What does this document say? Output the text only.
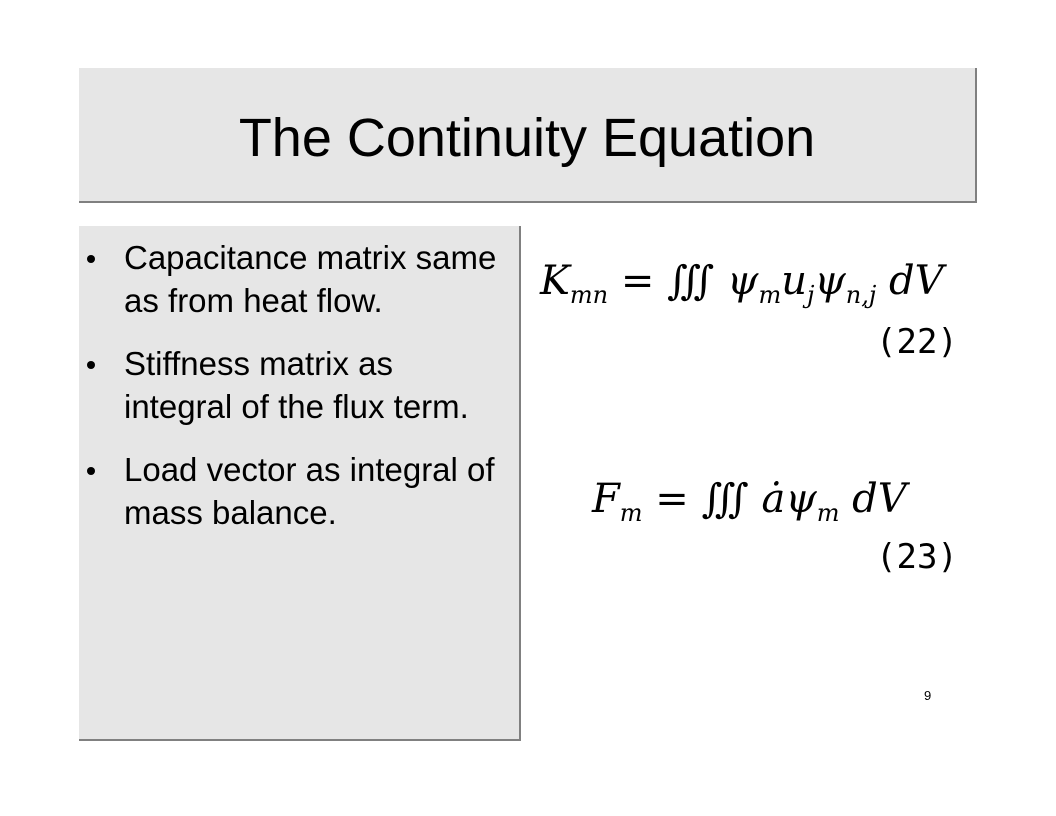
The Continuity Equation
Capacitance matrix same as from heat flow.
Stiffness matrix as integral of the flux term.
Load vector as integral of mass balance.
$K_{mn}$ = ∭ $\psi_mu_j\psi_{n,j}$ dV
(22)
$F_m$ = ∭ $ȧ\psi_m$ dV
(23)
9
